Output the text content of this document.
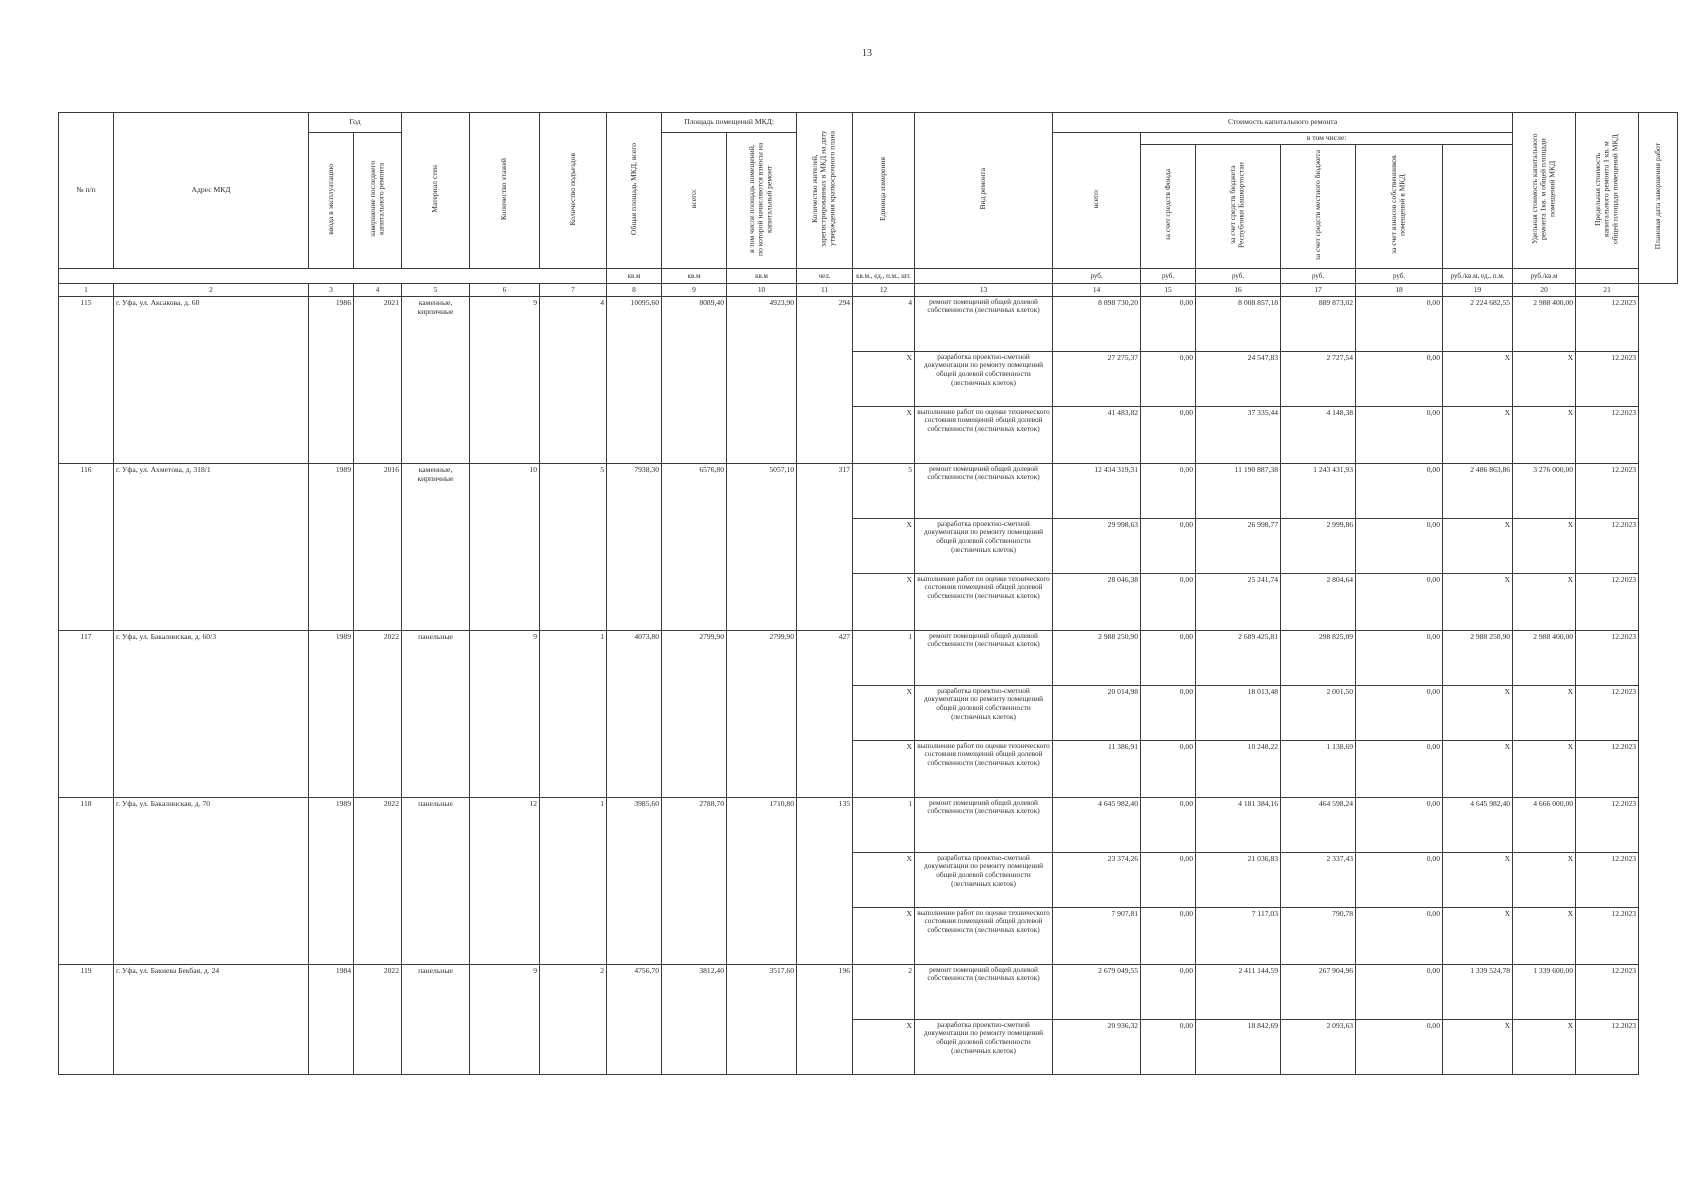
13
№ п/п	Адрес МКД	Год		Материал стен	Количество этажей	Количество подъездов	Общая площадь МКД, всего	Площадь помещений МКД:		Количество жителей, зарегистрированных в МКД на дату утверждения краткосрочного плана	Единица измерения	Вид ремонта	Стоимость капитального ремонта						Удельная стоимость капитального ремонта 1кв. м общей площади помещений МКД	Предельная стоимость капитального ремонта 1 кв. м общей площади помещений МКД	Плановая дата завершения работ
		ввода в эксплуатацию	завершение последнего капитального ремонта					всего:	в том числе площадь помещений, по которой начисляются взносы на капитальный ремонт				всего:	в том числе:							
														за счет средств Фонда	за счет средств бюджета Республики Башкортостан	за счет средств местного бюджета	за счет взносов собственников помещений в МКД				
							кв.м	кв.м	кв.м	чел.	кв.м., ед., п.м., шт.		руб.	руб.	руб.	руб.	руб.	руб./кв.м, ед., п.м.	руб./кв.м		
1	2	3	4	5	6	7	8	9	10	11	12	13	14	15	16	17	18	19	20	21	
115	г. Уфа, ул. Аксакова, д. 60	1986	2021	каменные, кирпичные	9	4	10095,60	8089,40	4923,90	294	4	ремонт помещений общей долевой собственности (лестничных клеток)	8 898 730,20	0,00	8 008 857,18	889 873,02	0,00	2 224 682,55	2 988 400,00	12.2023	
											X	разработка проектно-сметной документации по ремонту помещений общей долевой собственности (лестничных клеток)	27 275,37	0,00	24 547,83	2 727,54	0,00	X	X	12.2023	
											X	выполнение работ по оценке технического состояния помещений общей долевой собственности (лестничных клеток)	41 483,82	0,00	37 335,44	4 148,38	0,00	X	X	12.2023	
116	г. Уфа, ул. Ахметова, д. 318/1	1989	2016	каменные, кирпичные	10	5	7938,30	6576,80	5057,10	317	5	ремонт помещений общей долевой собственности (лестничных клеток)	12 434 319,31	0,00	11 190 887,38	1 243 431,93	0,00	2 486 863,86	3 276 000,00	12.2023	
											X	разработка проектно-сметной документации по ремонту помещений общей долевой собственности (лестничных клеток)	29 998,63	0,00	26 998,77	2 999,86	0,00	X	X	12.2023	
											X	выполнение работ по оценке технического состояния помещений общей долевой собственности (лестничных клеток)	28 046,38	0,00	25 241,74	2 804,64	0,00	X	X	12.2023	
117	г. Уфа, ул. Бакалинская, д. 60/3	1989	2022	панельные	9	1	4073,80	2799,90	2799,90	427	1	ремонт помещений общей долевой собственности (лестничных клеток)	2 988 250,90	0,00	2 689 425,81	298 825,09	0,00	2 988 250,90	2 988 400,00	12.2023	
											X	разработка проектно-сметной документации по ремонту помещений общей долевой собственности (лестничных клеток)	20 014,98	0,00	18 013,48	2 001,50	0,00	X	X	12.2023	
											X	выполнение работ по оценке технического состояния помещений общей долевой собственности (лестничных клеток)	11 386,91	0,00	10 248,22	1 138,69	0,00	X	X	12.2023	
118	г. Уфа, ул. Бакалинская, д. 70	1989	2022	панельные	12	1	3985,60	2788,70	1710,80	135	1	ремонт помещений общей долевой собственности (лестничных клеток)	4 645 982,40	0,00	4 181 384,16	464 598,24	0,00	4 645 982,40	4 666 000,00	12.2023	
											X	разработка проектно-сметной документации по ремонту помещений общей долевой собственности (лестничных клеток)	23 374,26	0,00	21 036,83	2 337,43	0,00	X	X	12.2023	
											X	выполнение работ по оценке технического состояния помещений общей долевой собственности (лестничных клеток)	7 907,81	0,00	7 117,03	790,78	0,00	X	X	12.2023	
119	г. Уфа, ул. Бакиева Бекбая, д. 24	1984	2022	панельные	9	2	4756,70	3812,40	3517,60	196	2	ремонт помещений общей долевой собственности (лестничных клеток)	2 679 049,55	0,00	2 411 144,59	267 904,96	0,00	1 339 524,78	1 339 600,00	12.2023	
											X	разработка проектно-сметной документации по ремонту помещений общей долевой собственности (лестничных клеток)	20 936,32	0,00	18 842,69	2 093,63	0,00	X	X	12.2023	
